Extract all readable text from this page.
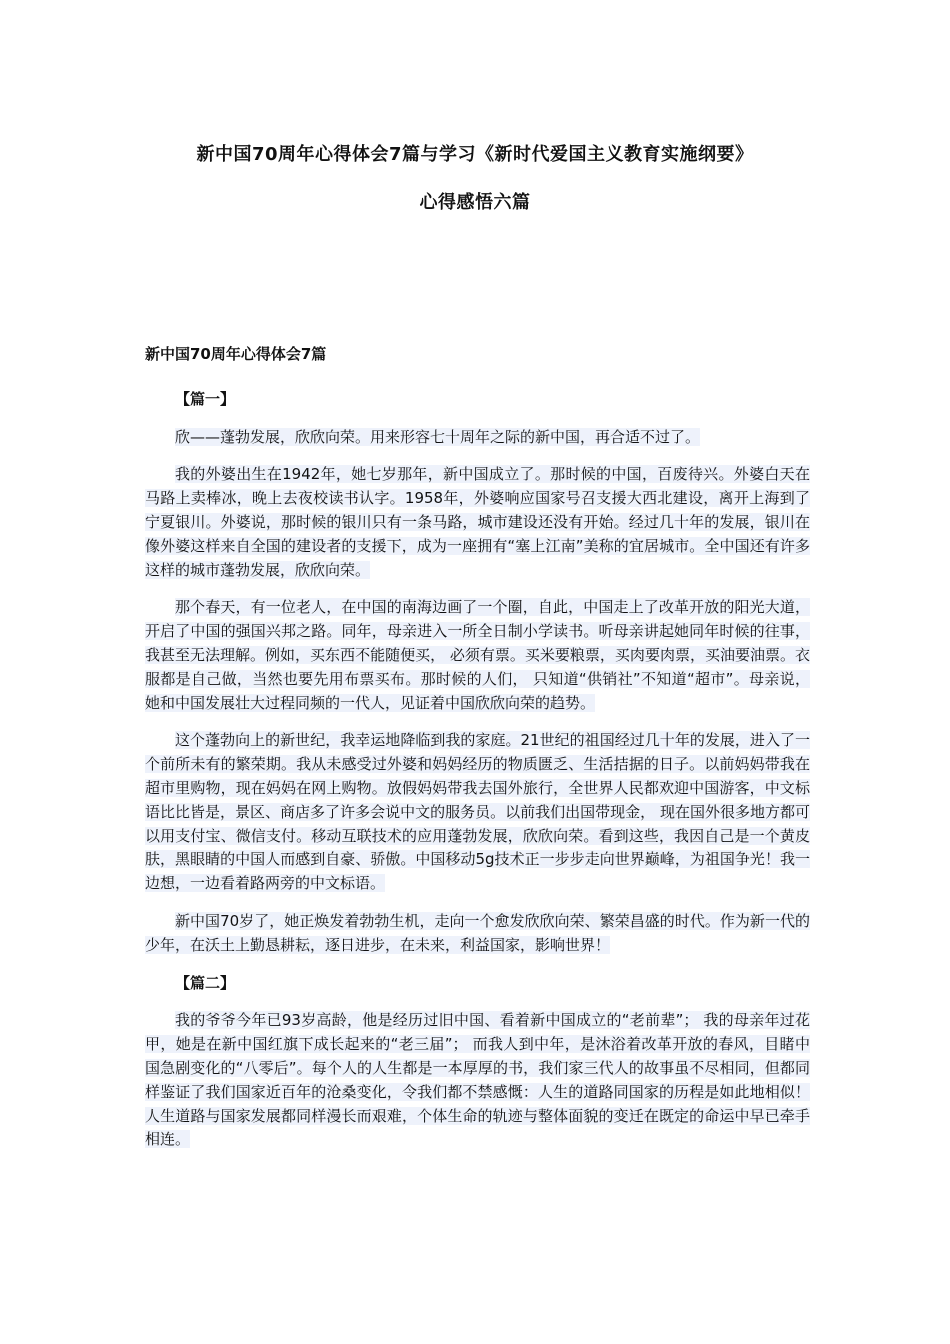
新中国70周年心得体会7篇与学习《新时代爱国主义教育实施纲要》
心得感悟六篇
新中国70周年心得体会7篇
【篇一】

欣——蓬勃发展，欣欣向荣。用来形容七十周年之际的新中国，再合适不过了。

我的外婆出生在1942年，她七岁那年，新中国成立了。那时候的中国，百废待兴。外婆白天在马路上卖棒冰，晚上去夜校读书认字。1958年，外婆响应国家号召支援大西北建设，离开上海到了宁夏银川。外婆说，那时候的银川只有一条马路，城市建设还没有开始。经过几十年的发展，银川在像外婆这样来自全国的建设者的支援下，成为一座拥有“塞上江南”美称的宜居城市。全中国还有许多这样的城市蓬勃发展，欣欣向荣。

那个春天，有一位老人，在中国的南海边画了一个圈，自此，中国走上了改革开放的阳光大道，开启了中国的强国兴邦之路。同年，母亲进入一所全日制小学读书。听母亲讲起她同年时候的往事，我甚至无法理解。例如，买东西不能随便买， 必须有票。买米要粮票，买肉要肉票，买油要油票。衣服都是自己做，当然也要先用布票买布。那时候的人们， 只知道“供销社”不知道“超市”。母亲说，她和中国发展壮大过程同频的一代人，见证着中国欣欣向荣的趋势。

这个蓬勃向上的新世纪，我幸运地降临到我的家庭。21世纪的祖国经过几十年的发展，进入了一个前所未有的繁荣期。我从未感受过外婆和妈妈经历的物质匮乏、生活拮据的日子。以前妈妈带我在超市里购物，现在妈妈在网上购物。放假妈妈带我去国外旅行，全世界人民都欢迎中国游客，中文标语比比皆是，景区、商店多了许多会说中文的服务员。以前我们出国带现金， 现在国外很多地方都可以用支付宝、微信支付。移动互联技术的应用蓬勃发展，欣欣向荣。看到这些，我因自己是一个黄皮肤，黑眼睛的中国人而感到自豪、骄傲。中国移动5g技术正一步步走向世界巅峰，为祖国争光！我一边想，一边看着路两旁的中文标语。

新中国70岁了，她正焕发着勃勃生机，走向一个愈发欣欣向荣、繁荣昌盛的时代。作为新一代的少年，在沃土上勤恳耕耘，逐日进步，在未来，利益国家，影响世界！

【篇二】

我的爷爷今年已93岁高龄，他是经历过旧中国、看着新中国成立的“老前辈”； 我的母亲年过花甲，她是在新中国红旗下成长起来的“老三届”； 而我人到中年，是沐浴着改革开放的春风，目睹中国急剧变化的“八零后”。每个人的人生都是一本厚厚的书，我们家三代人的故事虽不尽相同，但都同样鉴证了我们国家近百年的沧桑变化，令我们都不禁感慨：人生的道路同国家的历程是如此地相似！人生道路与国家发展都同样漫长而艰难，个体生命的轨迹与整体面貌的变迁在既定的命运中早已牵手相连。
